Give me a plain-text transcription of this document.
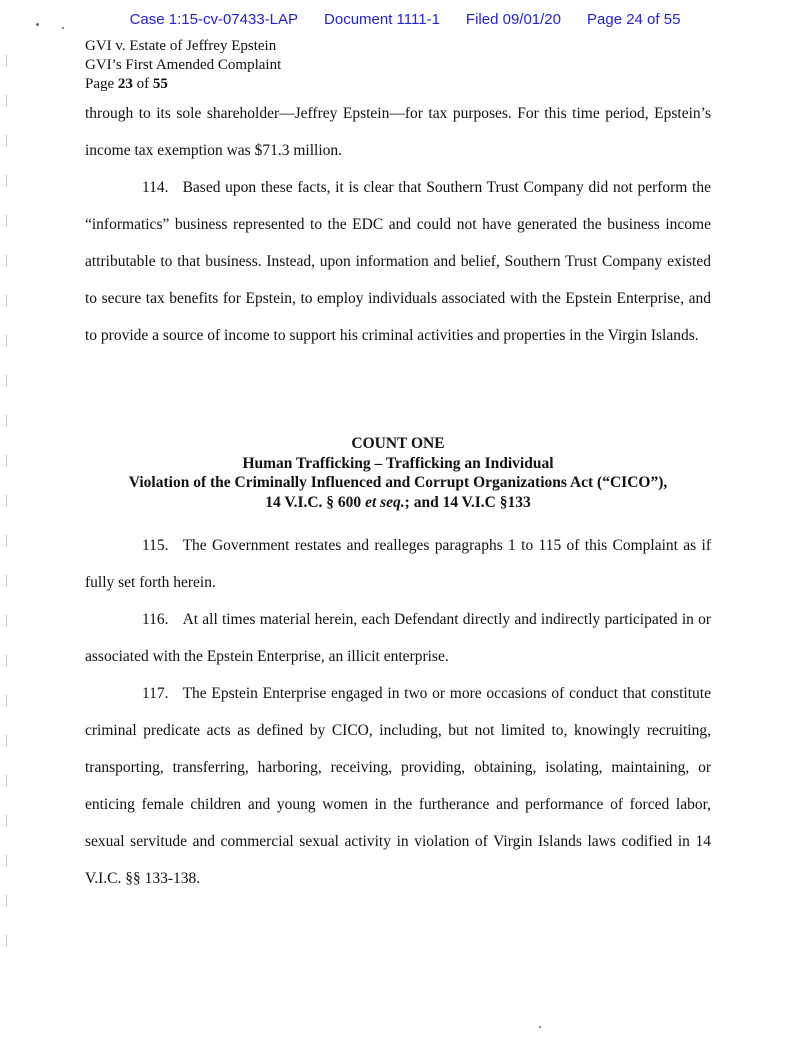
Case 1:15-cv-07433-LAP Document 1111-1 Filed 09/01/20 Page 24 of 55
GVI v. Estate of Jeffrey Epstein
GVI’s First Amended Complaint
Page 23 of 55

through to its sole shareholder—Jeffrey Epstein—for tax purposes. For this time period, Epstein’s income tax exemption was $71.3 million.

114. Based upon these facts, it is clear that Southern Trust Company did not perform the “informatics” business represented to the EDC and could not have generated the business income attributable to that business. Instead, upon information and belief, Southern Trust Company existed to secure tax benefits for Epstein, to employ individuals associated with the Epstein Enterprise, and to provide a source of income to support his criminal activities and properties in the Virgin Islands.

COUNT ONE
Human Trafficking – Trafficking an Individual
Violation of the Criminally Influenced and Corrupt Organizations Act (“CICO”),
14 V.I.C. § 600 et seq.; and 14 V.I.C §133

115. The Government restates and realleges paragraphs 1 to 115 of this Complaint as if fully set forth herein.

116. At all times material herein, each Defendant directly and indirectly participated in or associated with the Epstein Enterprise, an illicit enterprise.

117. The Epstein Enterprise engaged in two or more occasions of conduct that constitute criminal predicate acts as defined by CICO, including, but not limited to, knowingly recruiting, transporting, transferring, harboring, receiving, providing, obtaining, isolating, maintaining, or enticing female children and young women in the furtherance and performance of forced labor, sexual servitude and commercial sexual activity in violation of Virgin Islands laws codified in 14 V.I.C. §§ 133-138.
